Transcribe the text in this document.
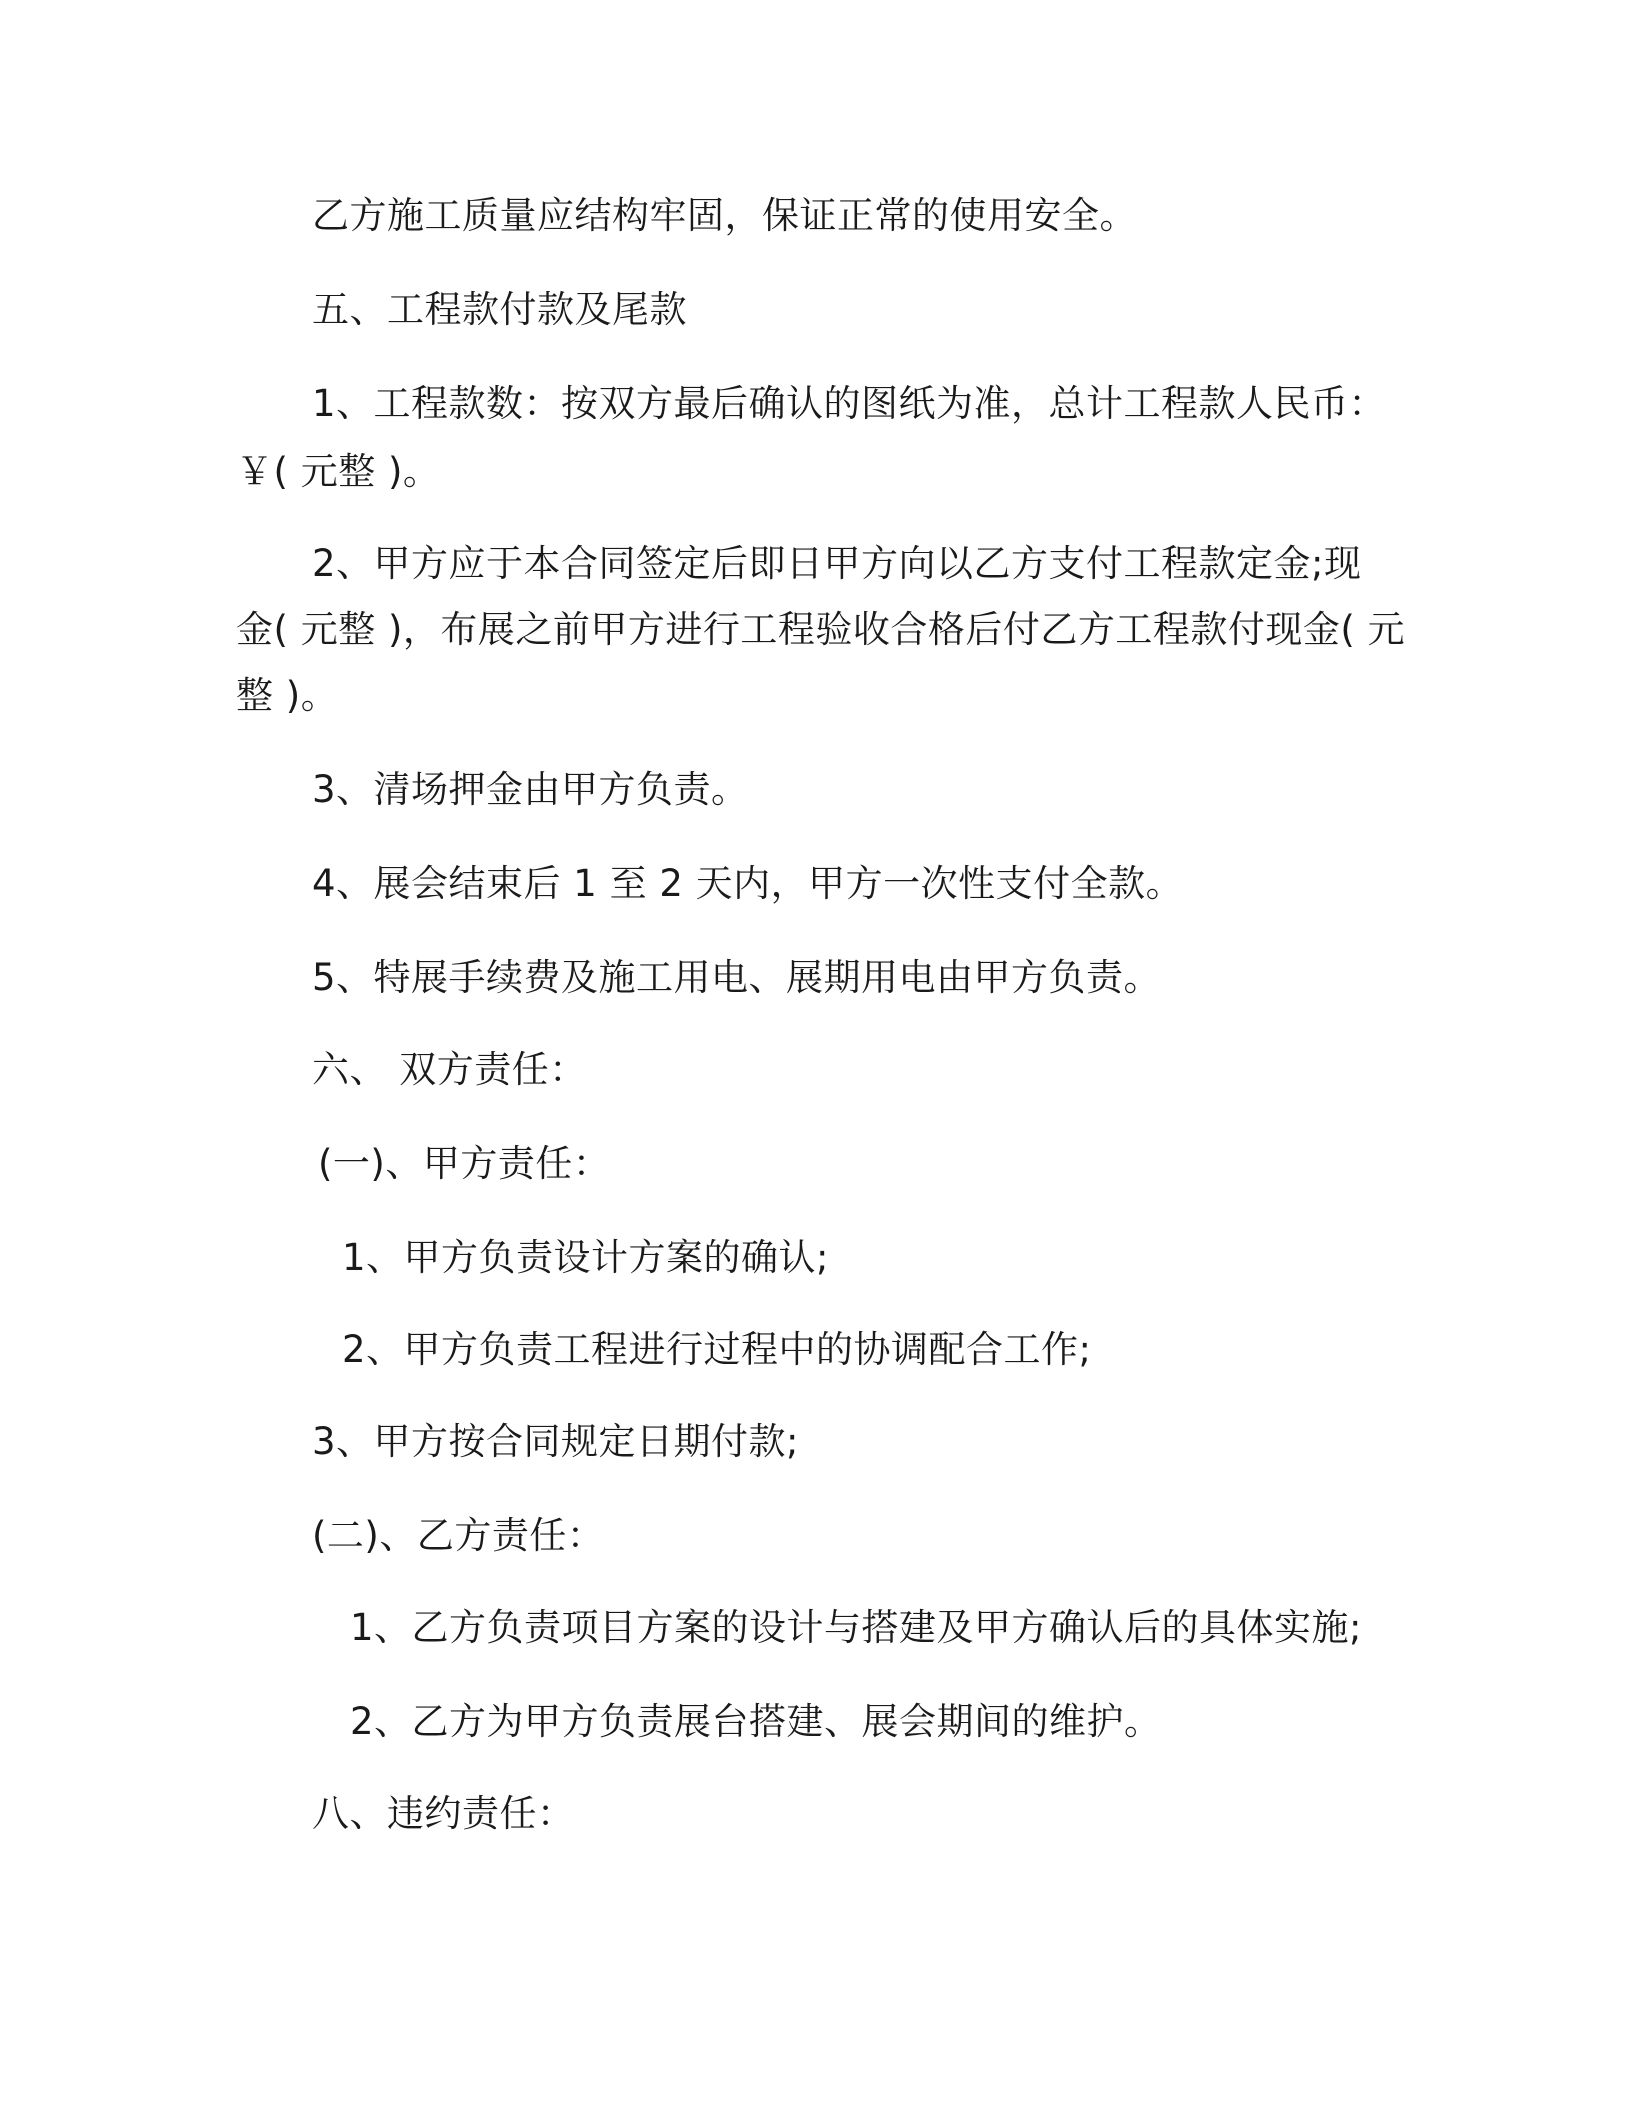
乙方施工质量应结构牢固，保证正常的使用安全。
五、工程款付款及尾款
1、工程款数：按双方最后确认的图纸为准，总计工程款人民币：
￥( 元整 )。
2、甲方应于本合同签定后即日甲方向以乙方支付工程款定金;现
金( 元整 )，布展之前甲方进行工程验收合格后付乙方工程款付现金( 元
整 )。
3、清场押金由甲方负责。
4、展会结束后 1 至 2 天内，甲方一次性支付全款。
5、特展手续费及施工用电、展期用电由甲方负责。
六、 双方责任：
(一)、甲方责任：
1、甲方负责设计方案的确认;
2、甲方负责工程进行过程中的协调配合工作;
3、甲方按合同规定日期付款;
(二)、乙方责任：
1、乙方负责项目方案的设计与搭建及甲方确认后的具体实施;
2、乙方为甲方负责展台搭建、展会期间的维护。
八、违约责任：
